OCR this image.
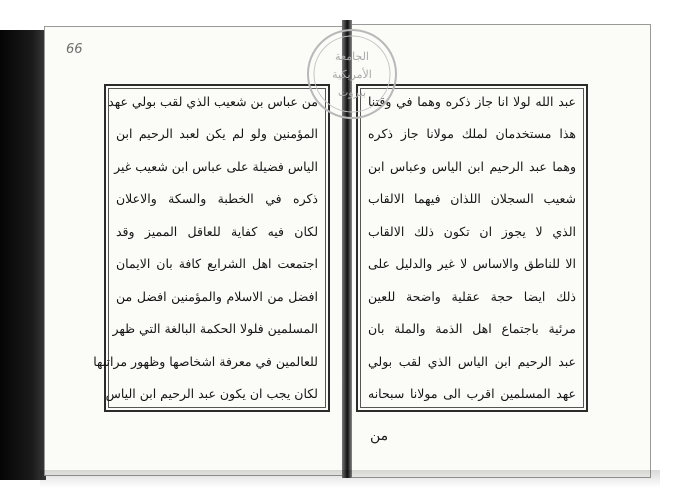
66
من عباس بن شعيب الذي لقب بولي عهد
المؤمنين ولو لم يكن لعبد الرحيم ابن
الياس فضيلة على عباس ابن شعيب غير
ذكره في الخطبة والسكة والاعلان
لكان فيه كفاية للعاقل المميز وقد
اجتمعت اهل الشرايع كافة بان الايمان
افضل من الاسلام والمؤمنين افضل من
المسلمين فلولا الحكمة البالغة التي ظهر
للعالمين في معرفة اشخاصها وظهور مراتبها
لكان يجب ان يكون عبد الرحيم ابن الياس
عبد الله لولا انا جاز ذكره وهما في وقتنا
هذا مستخدمان لملك مولانا جاز ذكره
وهما عبد الرحيم ابن الياس وعباس ابن
شعيب السجلان اللذان فيهما الالقاب
الذي لا يجوز ان تكون ذلك الالقاب
الا للناطق والاساس لا غير والدليل على
ذلك ايضا حجة عقلية واضحة للعين
مرئية باجتماع اهل الذمة والملة بان
عبد الرحيم ابن الياس الذي لقب بولي
عهد المسلمين اقرب الى مولانا سبحانه
من
الجامعة
الأمريكية
بيروت
